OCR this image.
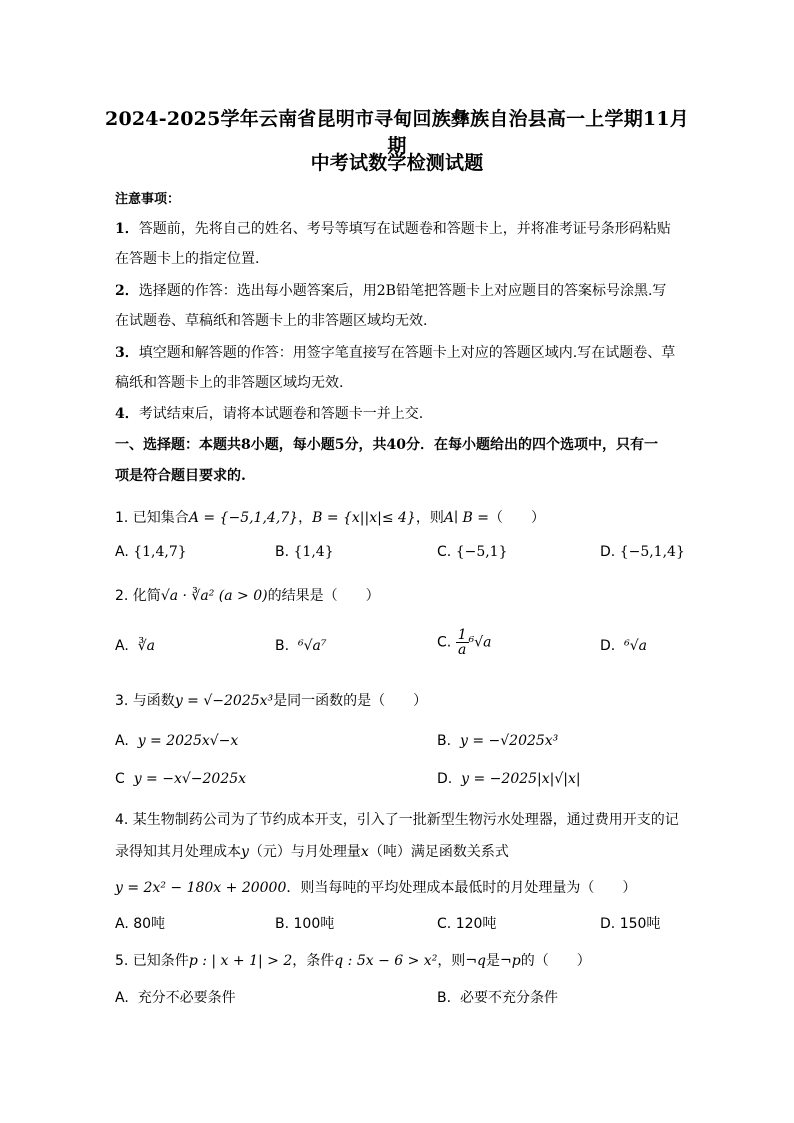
2024-2025学年云南省昆明市寻甸回族彝族自治县高一上学期11月期
中考试数学检测试题
注意事项：
1．答题前，先将自己的姓名、考号等填写在试题卷和答题卡上，并将准考证号条形码粘贴
在答题卡上的指定位置.
2．选择题的作答：选出每小题答案后，用2B铅笔把答题卡上对应题目的答案标号涂黑.写
在试题卷、草稿纸和答题卡上的非答题区域均无效.
3．填空题和解答题的作答：用签字笔直接写在答题卡上对应的答题区域内.写在试题卷、草
稿纸和答题卡上的非答题区域均无效.
4．考试结束后，请将本试题卷和答题卡一并上交.
一、选择题：本题共8小题，每小题5分，共40分．在每小题给出的四个选项中，只有一
项是符合题目要求的.
1. 已知集合A = {−5,1,4,7}，B = {x||x|≤ 4}，则A∣ B =（　　）
A. {1,4,7}	B. {1,4}	C. {−5,1}	D. {−5,1,4}
2. 化简√a · ∛a² (a > 0)的结果是（　　）
A. ∛a	B. ⁶√a⁷	C. $\frac{1}{a} ^6√a$	D. ⁶√a
3. 与函数y = √−2025x³是同一函数的是（　　）
A. y = 2025x√−x	B. y = −√2025x³
C y = −x√−2025x	D. y = −2025|x|√|x|
4. 某生物制药公司为了节约成本开支，引入了一批新型生物污水处理器，通过费用开支的记
录得知其月处理成本y（元）与月处理量x（吨）满足函数关系式
y = 2x² − 180x + 20000．则当每吨的平均处理成本最低时的月处理量为（　　）
A. 80吨	B. 100吨	C. 120吨	D. 150吨
5. 已知条件p : | x + 1| > 2，条件q : 5x − 6 > x²，则¬q是¬p的（　　）
A. 充分不必要条件	B. 必要不充分条件
